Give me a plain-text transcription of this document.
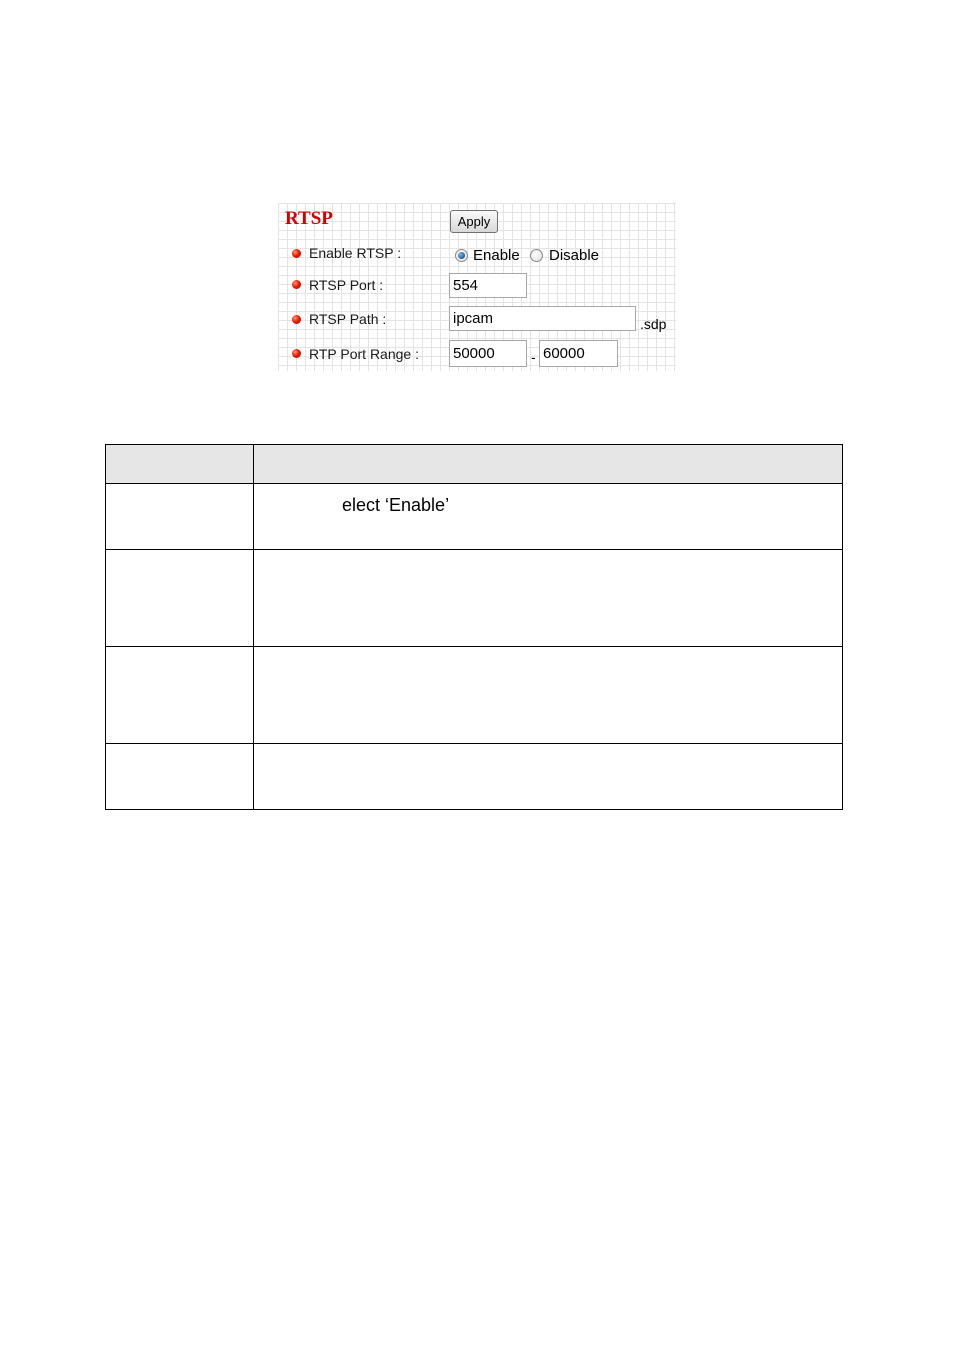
RTSP	Apply
Enable RTSP :	Enable Disable
RTSP Port :
554
RTSP Path :
ipcam	.sdp
RTP Port Range :
50000	-
60000

	elect ‘Enable’
